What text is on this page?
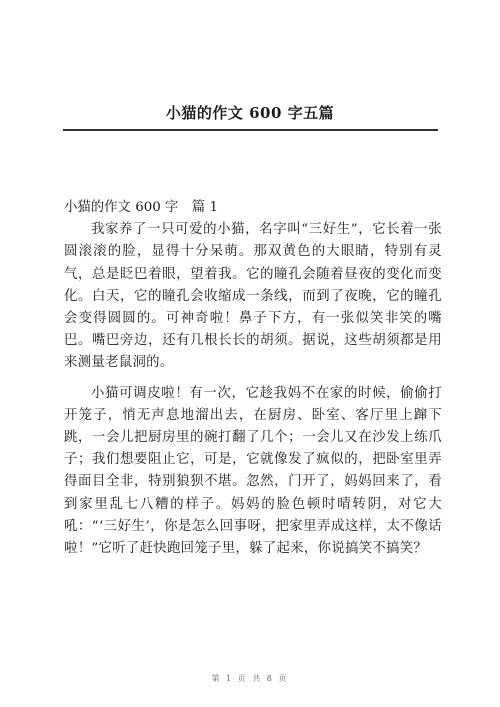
小猫的作文 600 字五篇

小猫的作文 600 字　篇 1

我家养了一只可爱的小猫，名字叫“三好生”，它长着一张圆滚滚的脸，显得十分呆萌。那双黄色的大眼睛，特别有灵气，总是眨巴着眼，望着我。它的瞳孔会随着昼夜的变化而变化。白天，它的瞳孔会收缩成一条线，而到了夜晚，它的瞳孔会变得圆圆的。可神奇啦！鼻子下方，有一张似笑非笑的嘴巴。嘴巴旁边，还有几根长长的胡须。据说，这些胡须都是用来测量老鼠洞的。

小猫可调皮啦！有一次，它趁我妈不在家的时候，偷偷打开笼子，悄无声息地溜出去，在厨房、卧室、客厅里上蹿下跳，一会儿把厨房里的碗打翻了几个；一会儿又在沙发上练爪子；我们想要阻止它，可是，它就像发了疯似的，把卧室里弄得面目全非，特别狼狈不堪。忽然，门开了，妈妈回来了，看到家里乱七八糟的样子。妈妈的脸色顿时晴转阴，对它大吼：“‘三好生’，你是怎么回事呀，把家里弄成这样，太不像话啦！”它听了赶快跑回笼子里，躲了起来，你说搞笑不搞笑？

第 1 页 共 8 页
